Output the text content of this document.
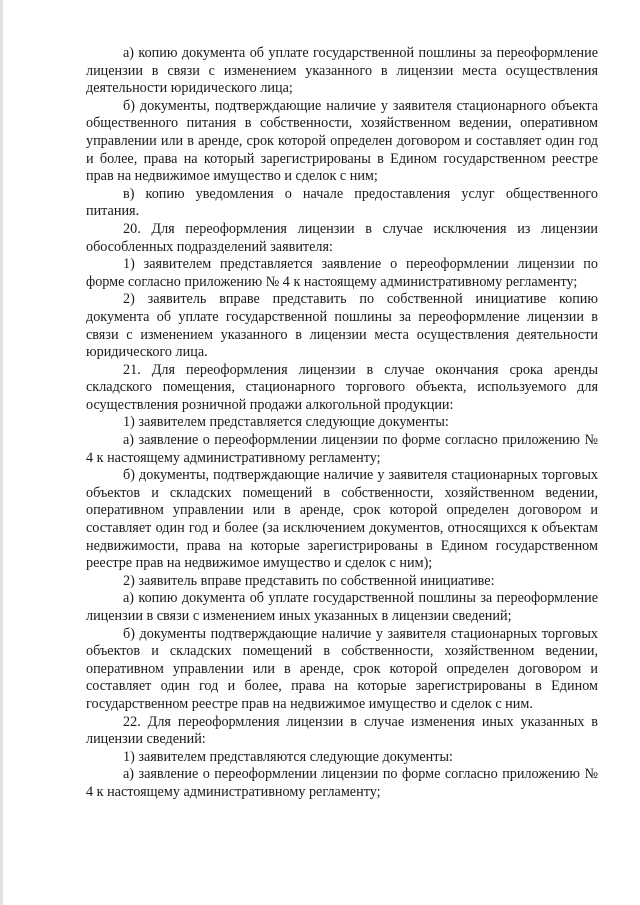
а) копию документа об уплате государственной пошлины за переоформление лицензии в связи с изменением указанного в лицензии места осуществления деятельности юридического лица;

б) документы, подтверждающие наличие у заявителя стационарного объекта общественного питания в собственности, хозяйственном ведении, оперативном управлении или в аренде, срок которой определен договором и составляет один год и более, права на который зарегистрированы в Едином государственном реестре прав на недвижимое имущество и сделок с ним;

в) копию уведомления о начале предоставления услуг общественного питания.

20. Для переоформления лицензии в случае исключения из лицензии обособленных подразделений заявителя:

1) заявителем представляется заявление о переоформлении лицензии по форме согласно приложению № 4 к настоящему административному регламенту;

2) заявитель вправе представить по собственной инициативе копию документа об уплате государственной пошлины за переоформление лицензии в связи с изменением указанного в лицензии места осуществления деятельности юридического лица.

21. Для переоформления лицензии в случае окончания срока аренды складского помещения, стационарного торгового объекта, используемого для осуществления розничной продажи алкогольной продукции:

1) заявителем представляется следующие документы:

а) заявление о переоформлении лицензии по форме согласно приложению № 4 к настоящему административному регламенту;

б) документы, подтверждающие наличие у заявителя стационарных торговых объектов и складских помещений в собственности, хозяйственном ведении, оперативном управлении или в аренде, срок которой определен договором и составляет один год и более (за исключением документов, относящихся к объектам недвижимости, права на которые зарегистрированы в Едином государственном реестре прав на недвижимое имущество и сделок с ним);

2) заявитель вправе представить по собственной инициативе:

а) копию документа об уплате государственной пошлины за переоформление лицензии в связи с изменением иных указанных в лицензии сведений;

б) документы подтверждающие наличие у заявителя стационарных торговых объектов и складских помещений в собственности, хозяйственном ведении, оперативном управлении или в аренде, срок которой определен договором и составляет один год и более, права на которые зарегистрированы в Едином государственном реестре прав на недвижимое имущество и сделок с ним.

22. Для переоформления лицензии в случае изменения иных указанных в лицензии сведений:

1) заявителем представляются следующие документы:

а) заявление о переоформлении лицензии по форме согласно приложению № 4 к настоящему административному регламенту;
